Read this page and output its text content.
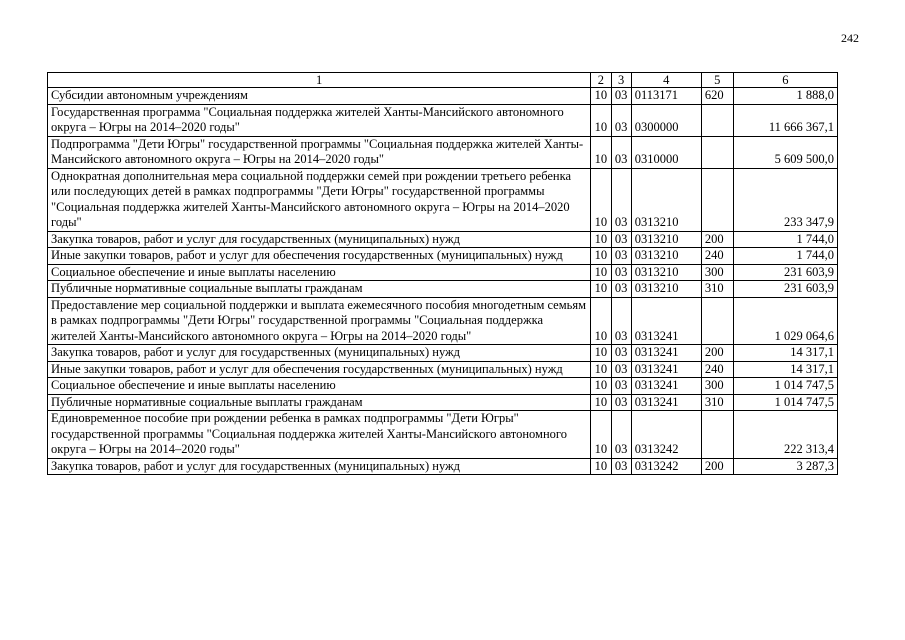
242
1	2	3	4	5	6
Субсидии автономным учреждениям	10	03	0113171	620	1 888,0
Государственная программа "Социальная поддержка жителей Ханты-Мансийского автономного округа – Югры на 2014–2020 годы"	10	03	0300000		11 666 367,1
Подпрограмма "Дети Югры" государственной программы "Социальная поддержка жителей Ханты-Мансийского автономного округа – Югры на 2014–2020 годы"	10	03	0310000		5 609 500,0
Однократная дополнительная мера социальной поддержки семей при рождении третьего ребенка или последующих детей в рамках подпрограммы "Дети Югры" государственной программы "Социальная поддержка жителей Ханты-Мансийского автономного округа – Югры на 2014–2020 годы"	10	03	0313210		233 347,9
Закупка товаров, работ и услуг для государственных (муниципальных) нужд	10	03	0313210	200	1 744,0
Иные закупки товаров, работ и услуг для обеспечения государственных (муниципальных) нужд	10	03	0313210	240	1 744,0
Социальное обеспечение и иные выплаты населению	10	03	0313210	300	231 603,9
Публичные нормативные социальные выплаты гражданам	10	03	0313210	310	231 603,9
Предоставление мер социальной поддержки и выплата ежемесячного пособия многодетным семьям в рамках подпрограммы "Дети Югры" государственной программы "Социальная поддержка жителей Ханты-Мансийского автономного округа – Югры на 2014–2020 годы"	10	03	0313241		1 029 064,6
Закупка товаров, работ и услуг для государственных (муниципальных) нужд	10	03	0313241	200	14 317,1
Иные закупки товаров, работ и услуг для обеспечения государственных (муниципальных) нужд	10	03	0313241	240	14 317,1
Социальное обеспечение и иные выплаты населению	10	03	0313241	300	1 014 747,5
Публичные нормативные социальные выплаты гражданам	10	03	0313241	310	1 014 747,5
Единовременное пособие при рождении ребенка в рамках подпрограммы "Дети Югры" государственной программы "Социальная поддержка жителей Ханты-Мансийского автономного округа – Югры на 2014–2020 годы"	10	03	0313242		222 313,4
Закупка товаров, работ и услуг для государственных (муниципальных) нужд	10	03	0313242	200	3 287,3
